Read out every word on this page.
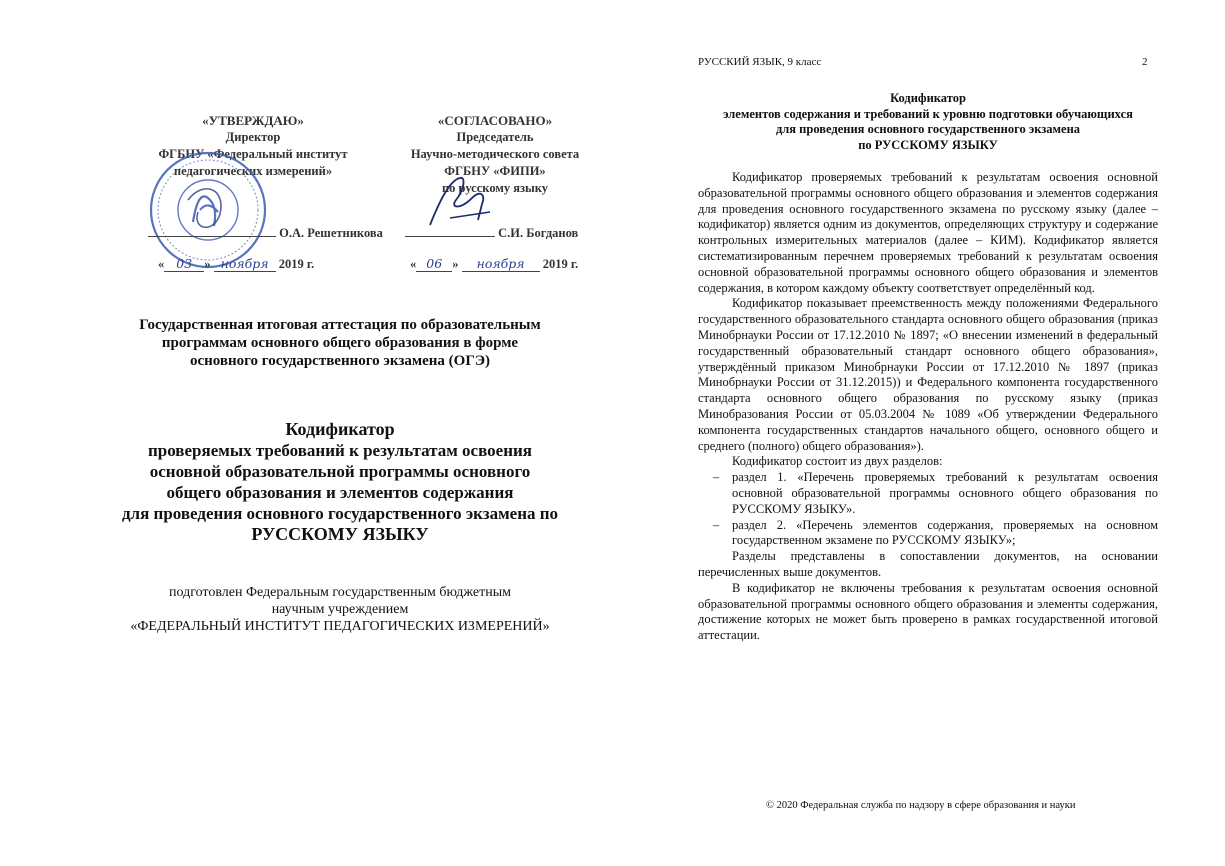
«УТВЕРЖДАЮ»
Директор
ФГБНУ «Федеральный институт
педагогических измерений»
«СОГЛАСОВАНО»
Председатель
Научно-методического совета
ФГБНУ «ФИПИ»
по русскому языку
О.А. Решетникова
« 03 » ноября 2019 г.
С.И. Богданов
« 06 » ноября 2019 г.
Государственная итоговая аттестация по образовательным
программам основного общего образования в форме
основного государственного экзамена (ОГЭ)
Кодификатор
проверяемых требований к результатам освоения
основной образовательной программы основного
общего образования и элементов содержания
для проведения основного государственного экзамена по
РУССКОМУ ЯЗЫКУ
подготовлен Федеральным государственным бюджетным
научным учреждением
«ФЕДЕРАЛЬНЫЙ ИНСТИТУТ ПЕДАГОГИЧЕСКИХ ИЗМЕРЕНИЙ»
РУССКИЙ ЯЗЫК, 9 класс	2
Кодификатор
элементов содержания и требований к уровню подготовки обучающихся
для проведения основного государственного экзамена
по РУССКОМУ ЯЗЫКУ

Кодификатор проверяемых требований к результатам освоения основной образовательной программы основного общего образования и элементов содержания для проведения основного государственного экзамена по русскому языку (далее – кодификатор) является одним из документов, определяющих структуру и содержание контрольных измерительных материалов (далее – КИМ). Кодификатор является систематизированным перечнем проверяемых требований к результатам освоения основной образовательной программы основного общего образования и элементов содержания, в котором каждому объекту соответствует определённый код.

Кодификатор показывает преемственность между положениями Федерального государственного образовательного стандарта основного общего образования (приказ Минобрнауки России от 17.12.2010 № 1897; «О внесении изменений в федеральный государственный образовательный стандарт основного общего образования», утверждённый приказом Минобрнауки России от 17.12.2010 № 1897 (приказ Минобрнауки России от 31.12.2015)) и Федерального компонента государственного стандарта основного общего образования по русскому языку (приказ Минобразования России от 05.03.2004 № 1089 «Об утверждении Федерального компонента государственных стандартов начального общего, основного общего и среднего (полного) общего образования»).

Кодификатор состоит из двух разделов:

– раздел 1. «Перечень проверяемых требований к результатам освоения основной образовательной программы основного общего образования по РУССКОМУ ЯЗЫКУ».

– раздел 2. «Перечень элементов содержания, проверяемых на основном государственном экзамене по РУССКОМУ ЯЗЫКУ»;

Разделы представлены в сопоставлении документов, на основании перечисленных выше документов.

В кодификатор не включены требования к результатам освоения основной образовательной программы основного общего образования и элементы содержания, достижение которых не может быть проверено в рамках государственной итоговой аттестации.

© 2020 Федеральная служба по надзору в сфере образования и науки
